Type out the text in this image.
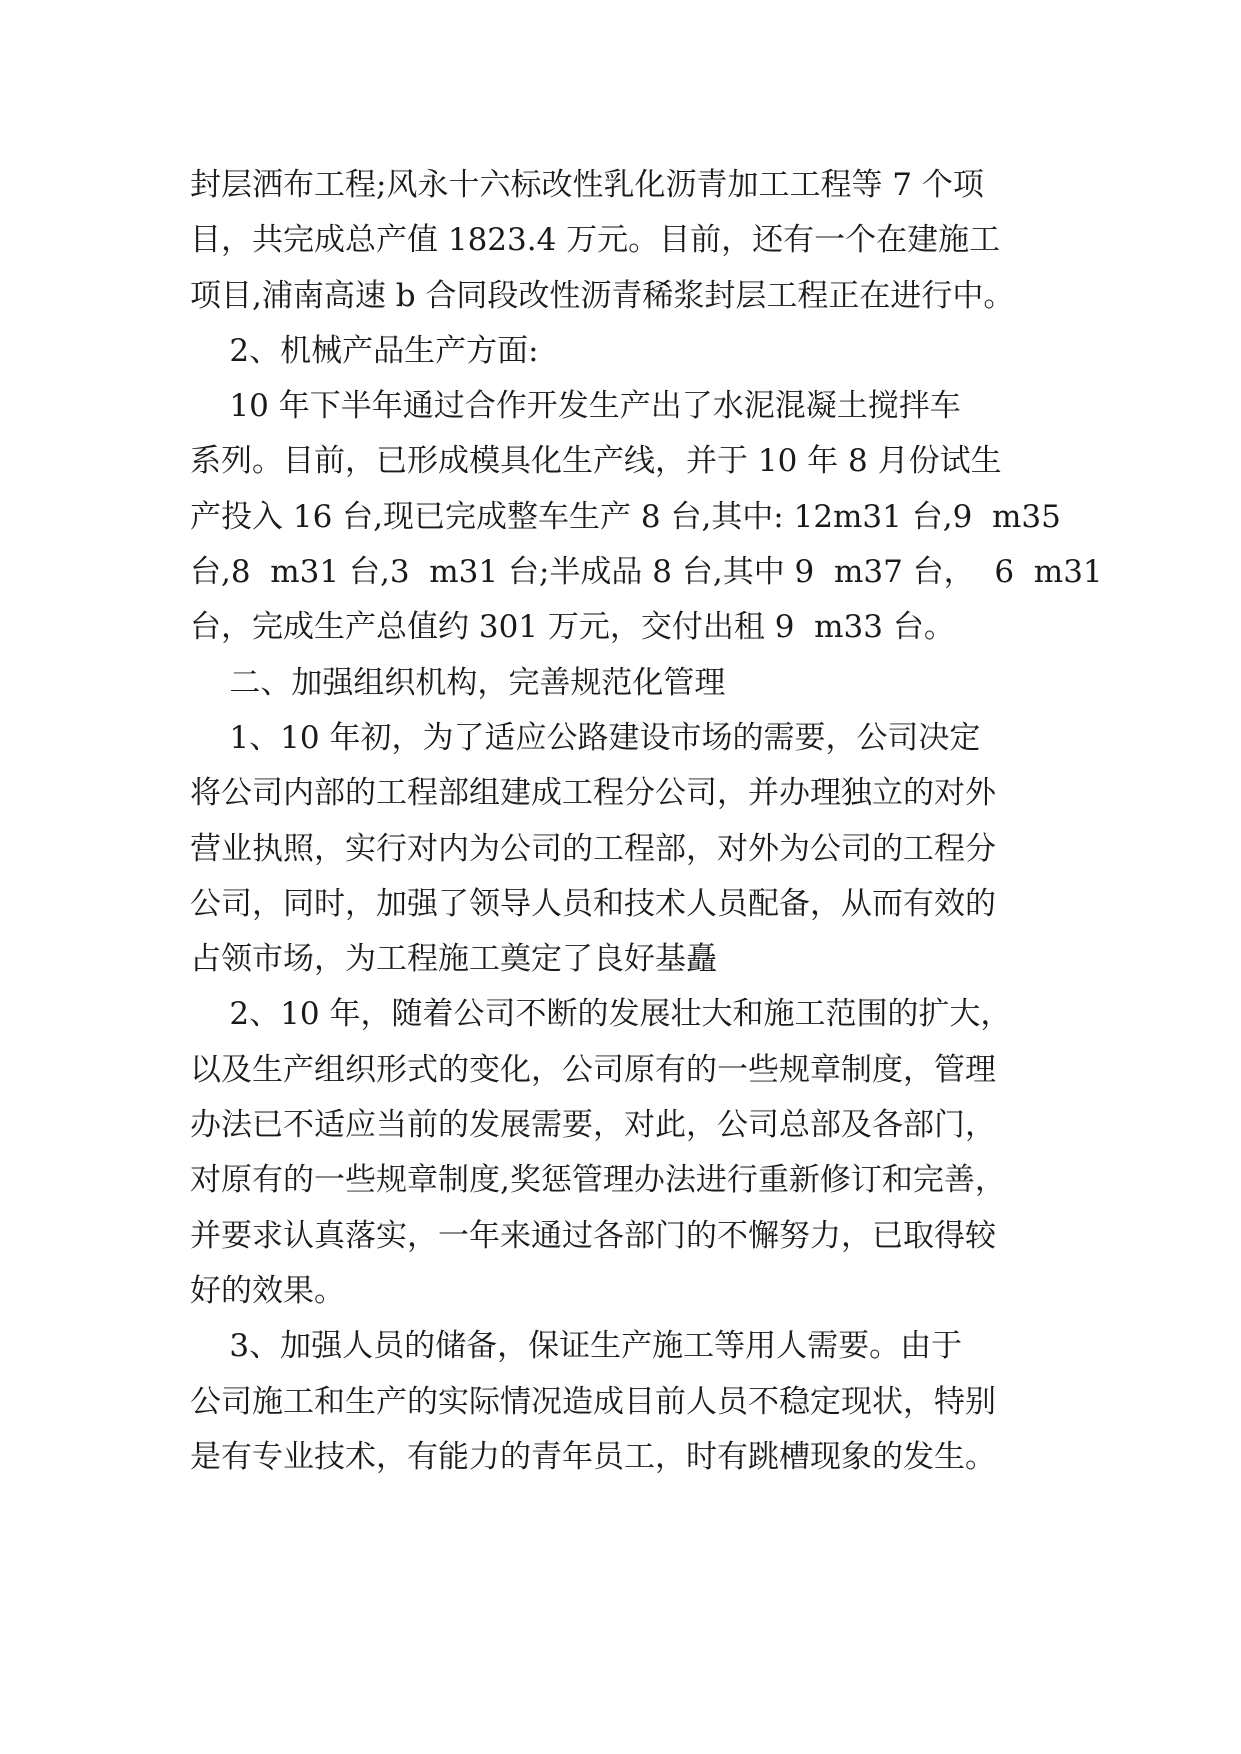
封层洒布工程;风永十六标改性乳化沥青加工工程等 7 个项
目，共完成总产值 1823.4 万元。目前，还有一个在建施工
项目,浦南高速 b 合同段改性沥青稀浆封层工程正在进行中。
2、机械产品生产方面:
10 年下半年通过合作开发生产出了水泥混凝土搅拌车
系列。目前，已形成模具化生产线，并于 10 年 8 月份试生
产投入 16 台,现已完成整车生产 8 台,其中: 12m31 台,9  m35
台,8  m31 台,3  m31 台;半成品 8 台,其中 9  m37 台，  6  m31
台，完成生产总值约 301 万元，交付出租 9  m33 台。
二、加强组织机构，完善规范化管理
1、10 年初，为了适应公路建设市场的需要，公司决定
将公司内部的工程部组建成工程分公司，并办理独立的对外
营业执照，实行对内为公司的工程部，对外为公司的工程分
公司，同时，加强了领导人员和技术人员配备，从而有效的
占领市场，为工程施工奠定了良好基矗
2、10 年，随着公司不断的发展壮大和施工范围的扩大，
以及生产组织形式的变化，公司原有的一些规章制度，管理
办法已不适应当前的发展需要，对此，公司总部及各部门，
对原有的一些规章制度,奖惩管理办法进行重新修订和完善，
并要求认真落实，一年来通过各部门的不懈努力，已取得较
好的效果。
3、加强人员的储备，保证生产施工等用人需要。由于
公司施工和生产的实际情况造成目前人员不稳定现状，特别
是有专业技术，有能力的青年员工，时有跳槽现象的发生。
